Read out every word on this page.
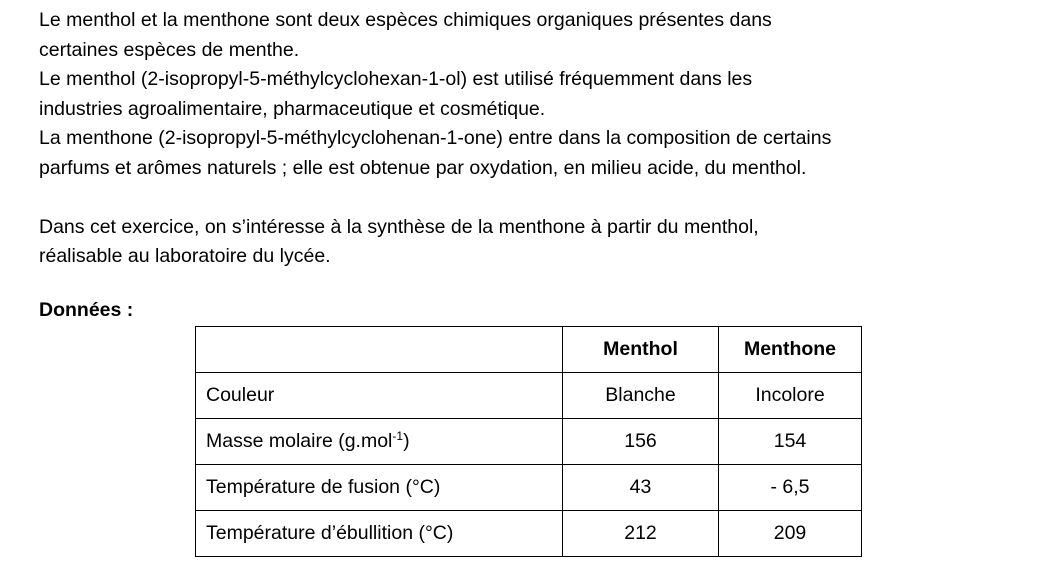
Le menthol et la menthone sont deux espèces chimiques organiques présentes dans
certaines espèces de menthe.
Le menthol (2-isopropyl-5-méthylcyclohexan-1-ol) est utilisé fréquemment dans les
industries agroalimentaire, pharmaceutique et cosmétique.
La menthone (2-isopropyl-5-méthylcyclohenan-1-one) entre dans la composition de certains
parfums et arômes naturels ; elle est obtenue par oxydation, en milieu acide, du menthol.

Dans cet exercice, on s’intéresse à la synthèse de la menthone à partir du menthol,
réalisable au laboratoire du lycée.

Données :

	Menthol	Menthone
Couleur	Blanche	Incolore
Masse molaire (g.mol$^{-1}$)	156	154
Température de fusion (°C)	43	- 6,5
Température d’ébullition (°C)	212	209
